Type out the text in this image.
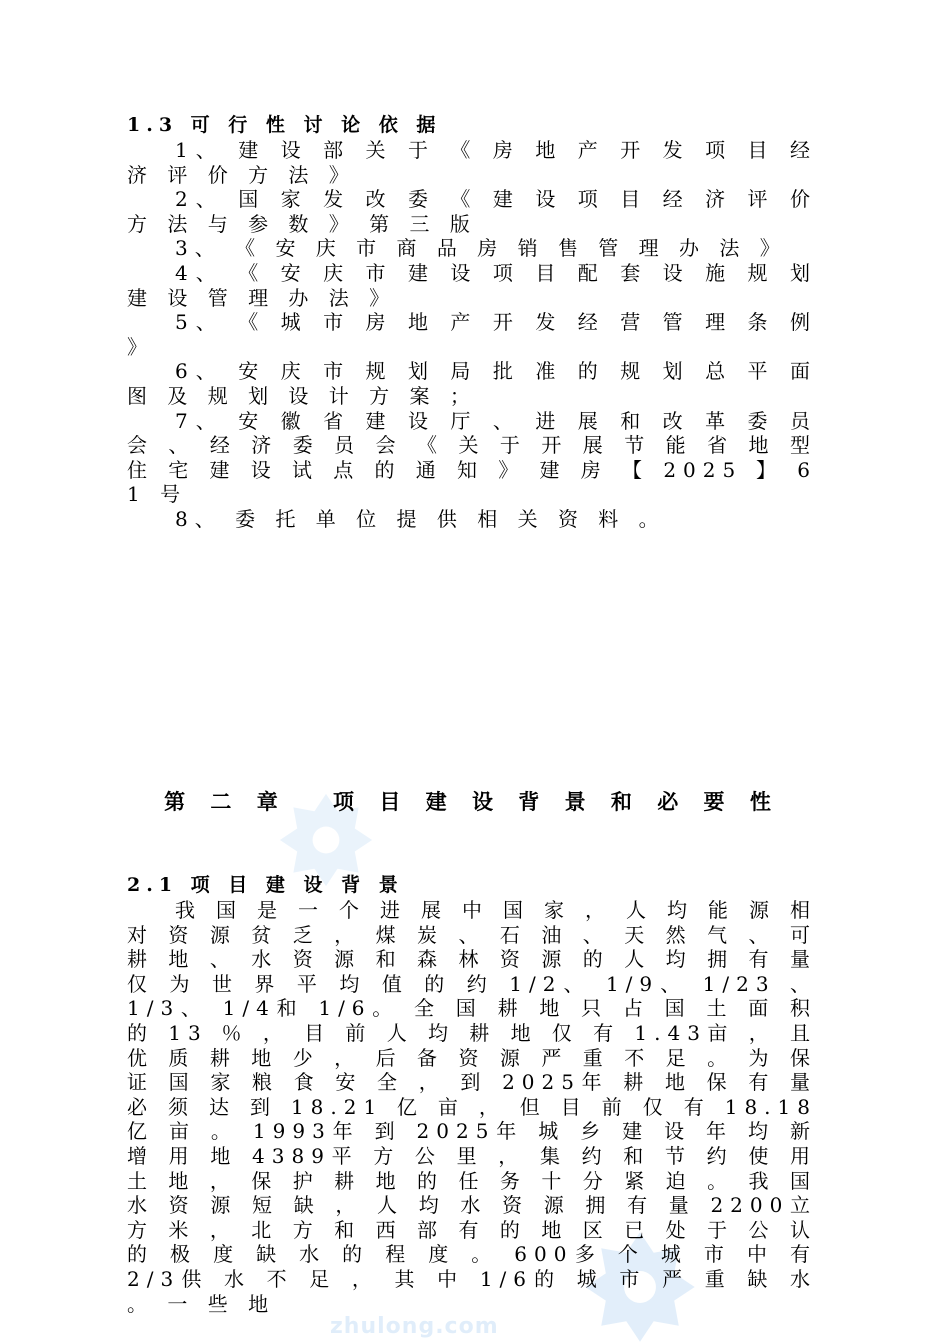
1.3 可 行 性 讨 论 依 据

1、 建 设 部 关 于 《 房 地 产 开 发 项 目 经 济 评 价 方 法 》

2、 国 家 发 改 委 《 建 设 项 目 经 济 评 价 方 法 与 参 数 》 第 三 版

3、 《 安 庆 市 商 品 房 销 售 管 理 办 法 》

4、 《 安 庆 市 建 设 项 目 配 套 设 施 规 划 建 设 管 理 办 法 》

5、 《 城 市 房 地 产 开 发 经 营 管 理 条 例 》

6、 安 庆 市 规 划 局 批 准 的 规 划 总 平 面 图 及 规 划 设 计 方 案 ；

7、 安 徽 省 建 设 厅 、 进 展 和 改 革 委 员 会 、 经 济 委 员 会 《 关 于 开 展 节 能 省 地 型 住 宅 建 设 试 点 的 通 知 》 建 房 【 2025 】 61 号

8、 委 托 单 位 提 供 相 关 资 料 。

第 二 章　 项 目 建 设 背 景 和 必 要 性

2.1 项 目 建 设 背 景

我 国 是 一 个 进 展 中 国 家 ， 人 均 能 源 相 对 资 源 贫 乏 ， 煤 炭 、 石 油 、 天 然 气 、 可 耕 地 、 水 资 源 和 森 林 资 源 的 人 均 拥 有 量 仅 为 世 界 平 均 值 的 约 1/2、 1/9、 1/23 、 1/3、 1/4和 1/6。 全 国 耕 地 只 占 国 土 面 积 的 13 ％ ， 目 前 人 均 耕 地 仅 有 1.43亩 ， 且 优 质 耕 地 少 ， 后 备 资 源 严 重 不 足 。 为 保 证 国 家 粮 食 安 全 ， 到 2025年 耕 地 保 有 量 必 须 达 到 18.21 亿 亩 ， 但 目 前 仅 有 18.18 亿 亩 。 1993年 到 2025年 城 乡 建 设 年 均 新 增 用 地 4389平 方 公 里 ， 集 约 和 节 约 使 用 土 地 ， 保 护 耕 地 的 任 务 十 分 紧 迫 。 我 国 水 资 源 短 缺 ， 人 均 水 资 源 拥 有 量 2200立 方 米 ， 北 方 和 西 部 有 的 地 区 已 处 于 公 认 的 极 度 缺 水 的 程 度 。 600多 个 城 市 中 有 2/3供 水 不 足 ， 其 中 1/6的 城 市 严 重 缺 水 。 一 些 地

zhulong.com
